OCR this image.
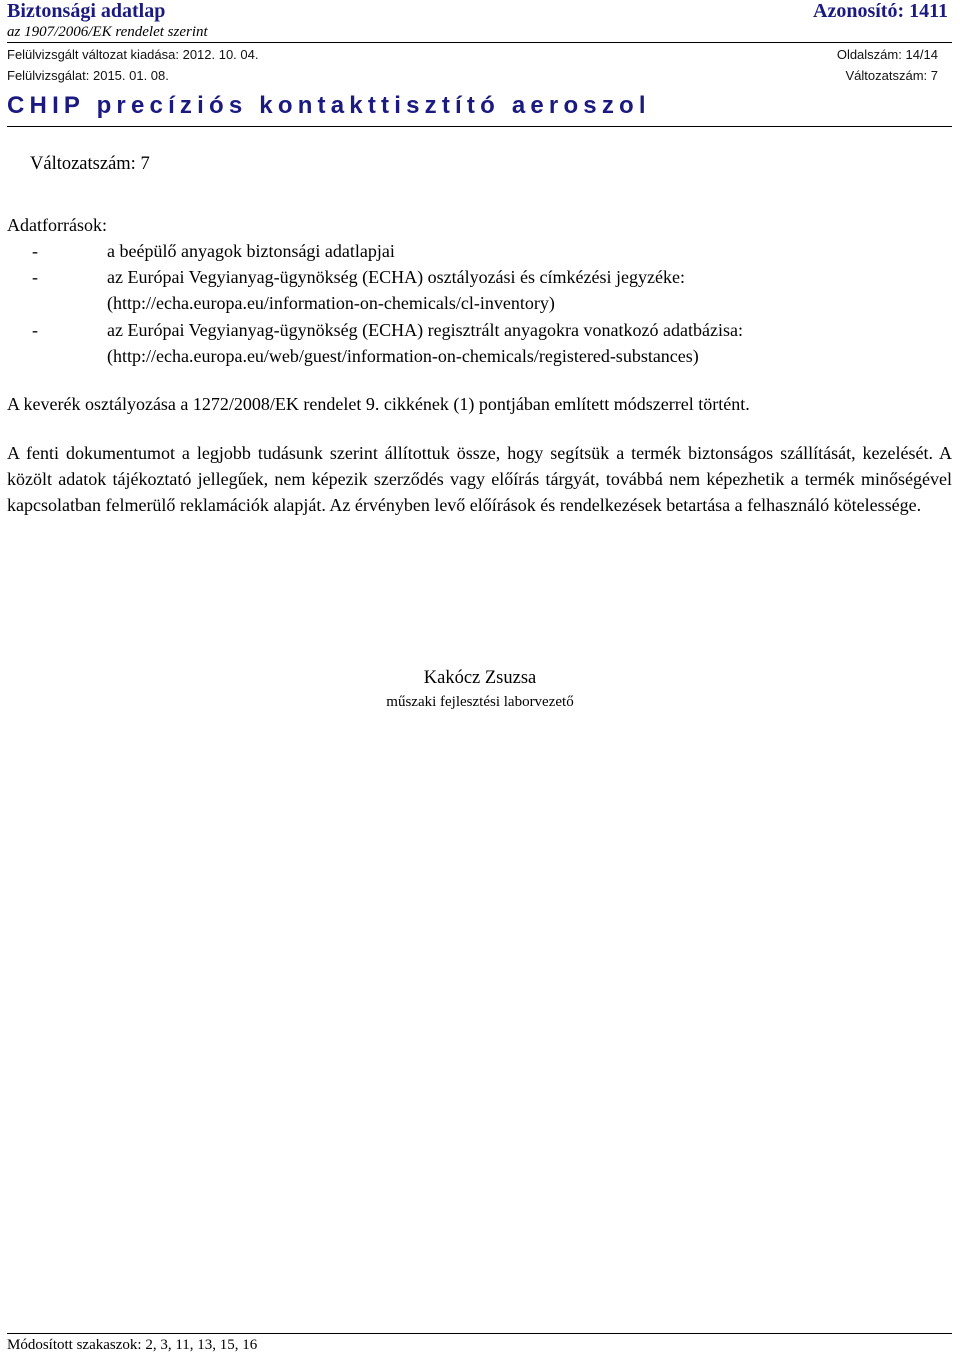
Biztonsági adatlap	Azonosító: 1411
az 1907/2006/EK rendelet szerint
Felülvizsgált változat kiadása: 2012. 10. 04.	Oldalszám: 14/14
Felülvizsgálat: 2015. 01. 08.	Változatszám: 7
CHIP precíziós kontakttisztító aeroszol
Változatszám: 7
Adatforrások:
-	a beépülő anyagok biztonsági adatlapjai
-	az Európai Vegyianyag-ügynökség (ECHA) osztályozási és címkézési jegyzéke:
(http://echa.europa.eu/information-on-chemicals/cl-inventory)
-	az Európai Vegyianyag-ügynökség (ECHA) regisztrált anyagokra vonatkozó adatbázisa:
(http://echa.europa.eu/web/guest/information-on-chemicals/registered-substances)
A keverék osztályozása a 1272/2008/EK rendelet 9. cikkének (1) pontjában említett módszerrel történt.
A fenti dokumentumot a legjobb tudásunk szerint állítottuk össze, hogy segítsük a termék biztonságos szállítását, kezelését. A közölt adatok tájékoztató jellegűek, nem képezik szerződés vagy előírás tárgyát, továbbá nem képezhetik a termék minőségével kapcsolatban felmerülő reklamációk alapját. Az érvényben levő előírások és rendelkezések betartása a felhasználó kötelessége.
Kakócz Zsuzsa
műszaki fejlesztési laborvezető
Módosított szakaszok: 2, 3, 11, 13, 15, 16
